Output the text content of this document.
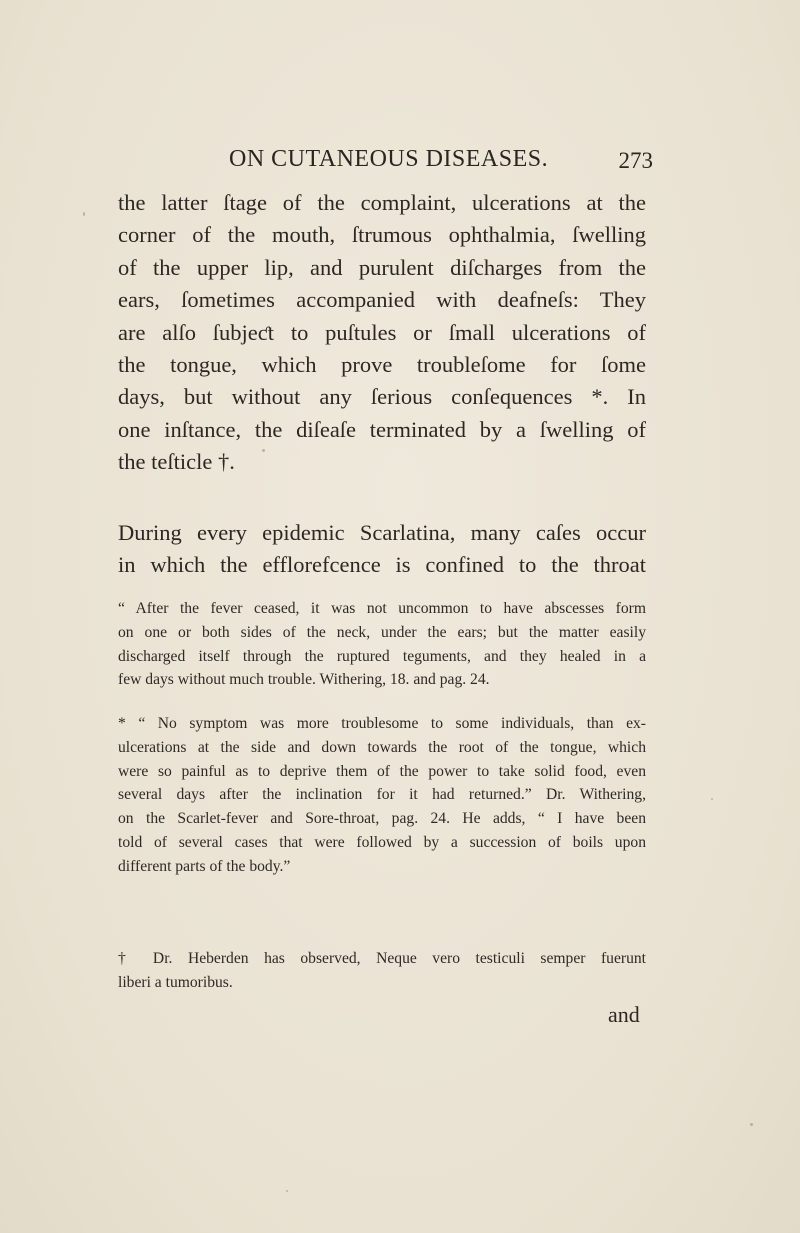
ON CUTANEOUS DISEASES.	273
the latter ſtage of the complaint, ulcerations at the
corner of the mouth, ſtrumous ophthalmia, ſwelling
of the upper lip, and purulent diſcharges from the
ears, ſometimes accompanied with deafneſs: They
are alſo ſubjeƈt to puſtules or ſmall ulcerations of
the tongue, which prove troubleſome for ſome
days, but without any ſerious conſequences *. In
one inſtance, the diſeaſe terminated by a ſwelling of
the teſticle †.
During every epidemic Scarlatina, many caſes occur
in which the efflorefcence is confined to the throat
“ After the fever ceased, it was not uncommon to have abscesses form
on one or both sides of the neck, under the ears; but the matter easily
discharged itself through the ruptured teguments, and they healed in a
few days without much trouble. Withering, 18. and pag. 24.
* “ No symptom was more troublesome to some individuals, than ex-
ulcerations at the side and down towards the root of the tongue, which
were so painful as to deprive them of the power to take solid food, even
several days after the inclination for it had returned.” Dr. Withering,
on the Scarlet-fever and Sore-throat, pag. 24. He adds, “ I have been
told of several cases that were followed by a succession of boils upon
different parts of the body.”
† Dr. Heberden has observed, Neque vero testiculi semper fuerunt
liberi a tumoribus.
and
